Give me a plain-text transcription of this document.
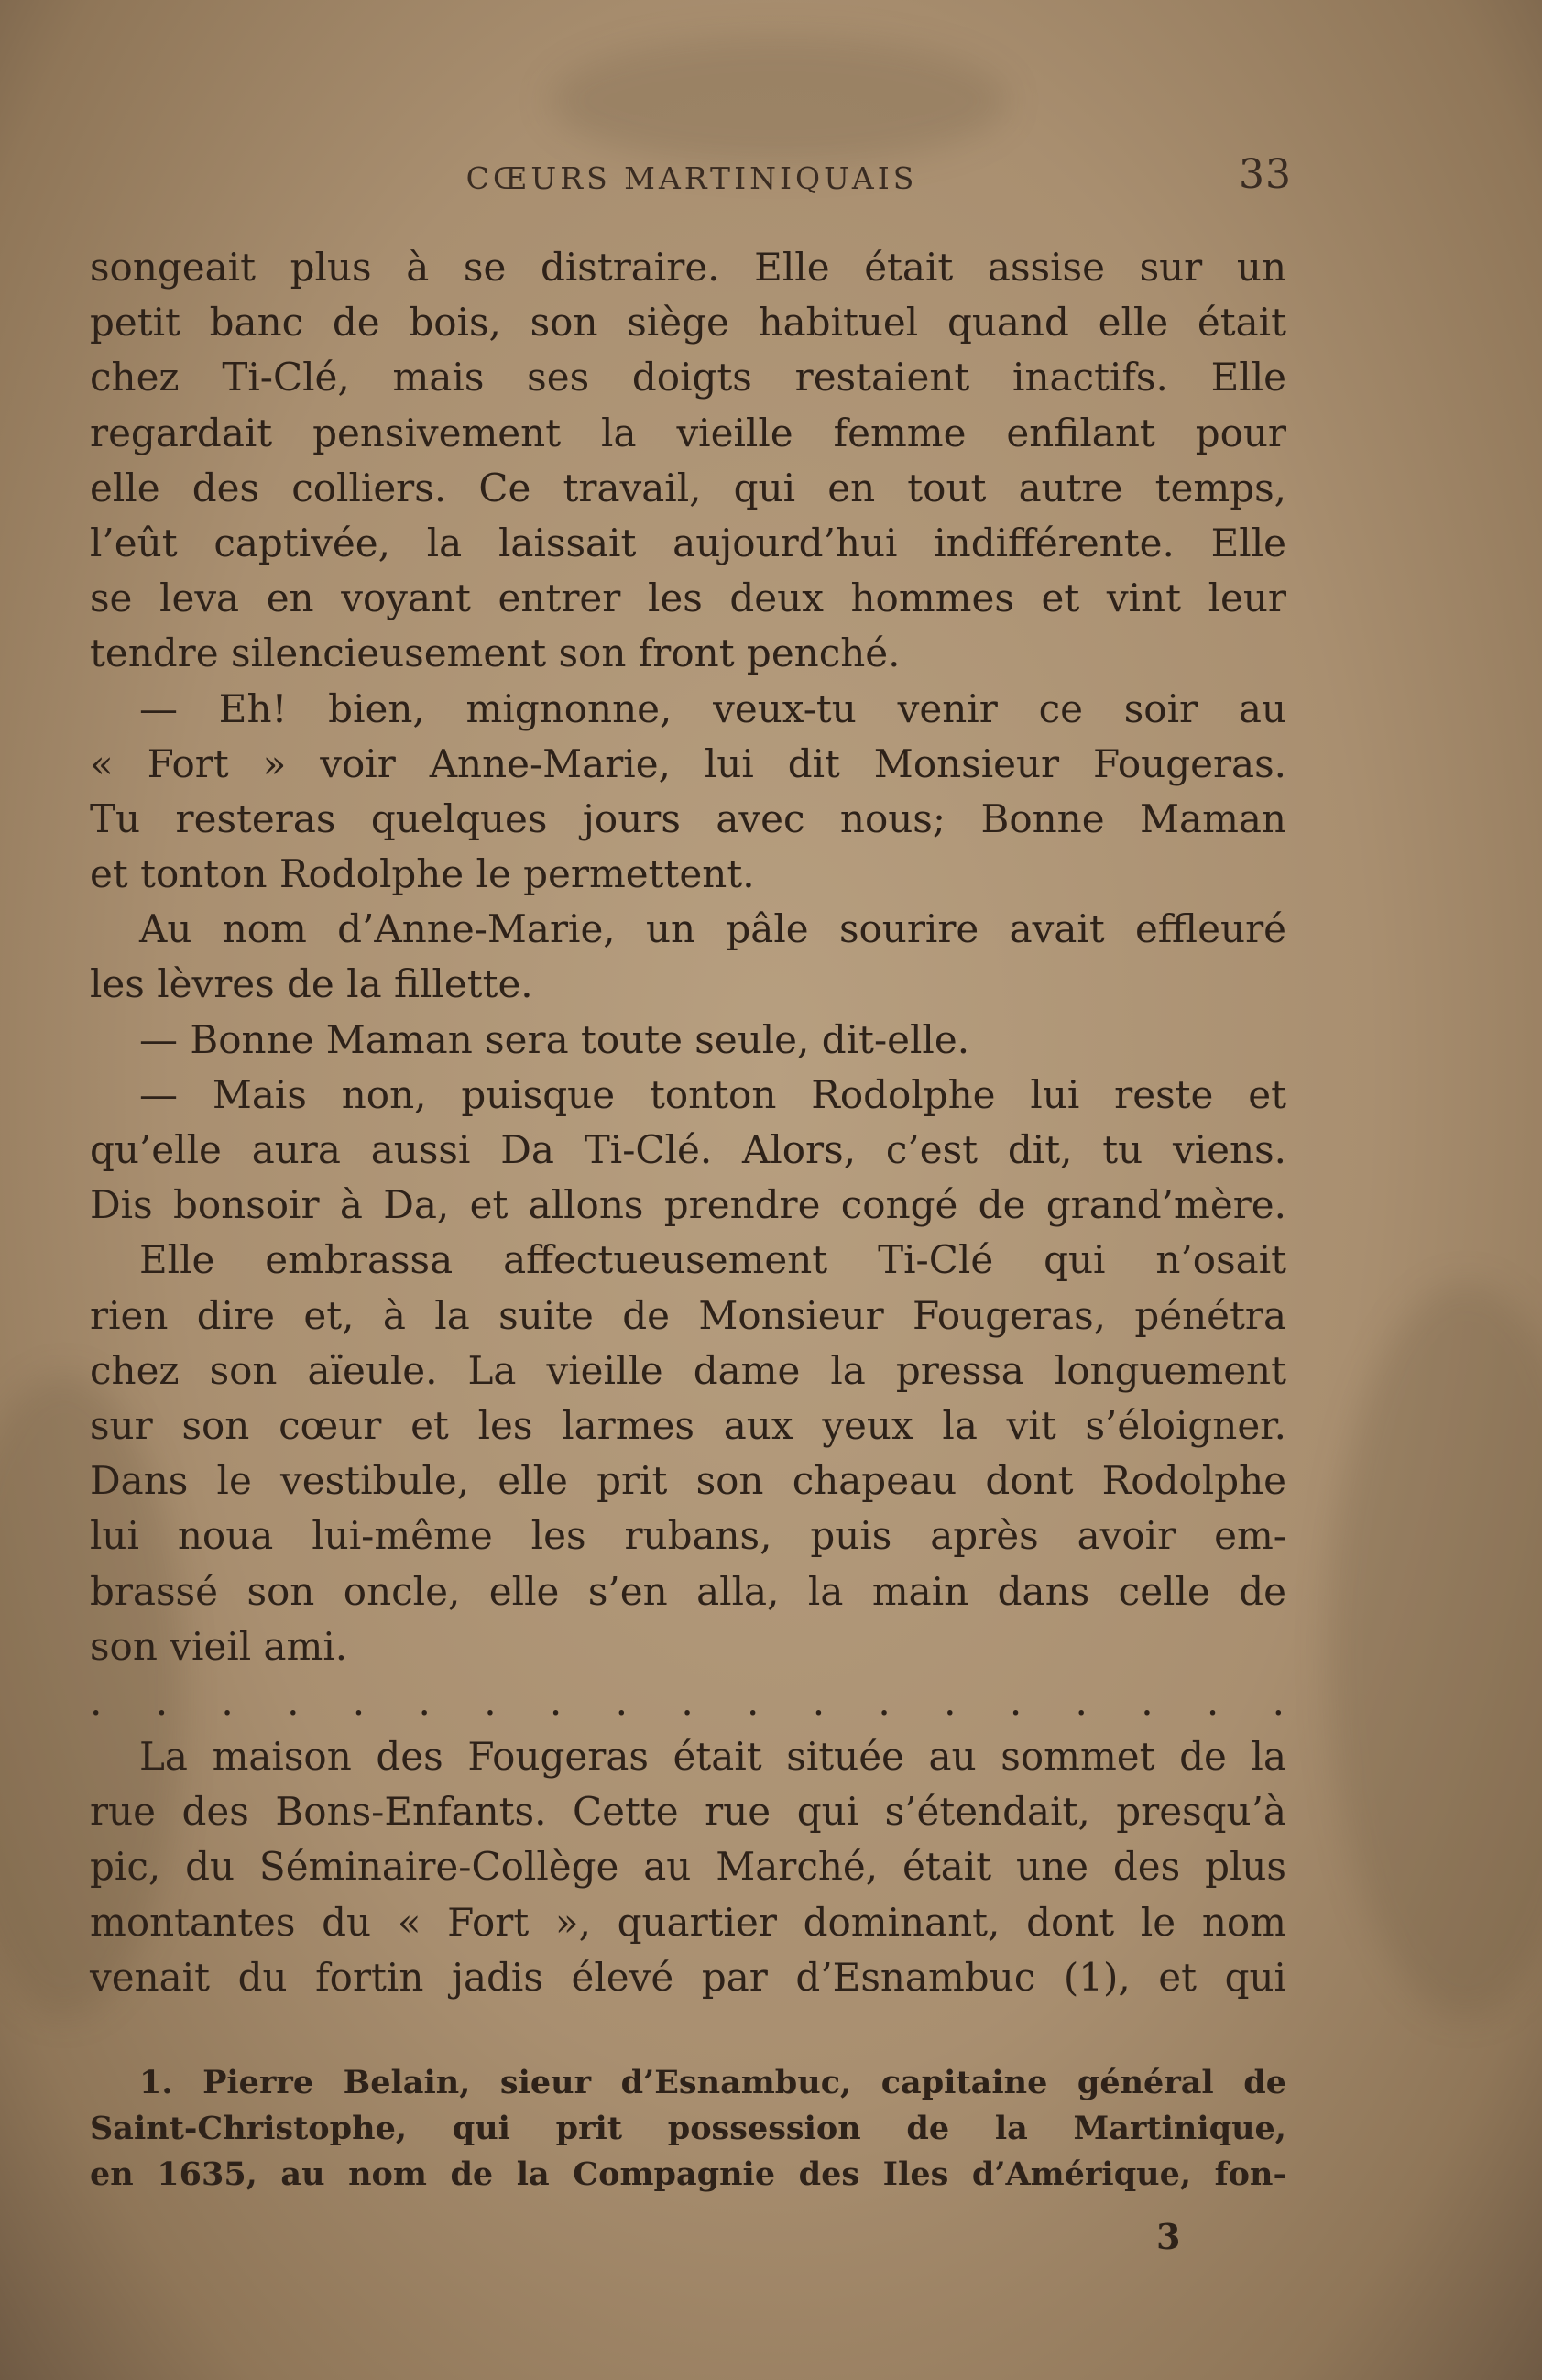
CŒURS MARTINIQUAIS	33
songeait plus à se distraire. Elle était assise sur un
petit banc de bois, son siège habituel quand elle était
chez Ti-Clé, mais ses doigts restaient inactifs. Elle
regardait pensivement la vieille femme enfilant pour
elle des colliers. Ce travail, qui en tout autre temps,
l’eût captivée, la laissait aujourd’hui indifférente. Elle
se leva en voyant entrer les deux hommes et vint leur
tendre silencieusement son front penché.
— Eh! bien, mignonne, veux-tu venir ce soir au
« Fort » voir Anne-Marie, lui dit Monsieur Fougeras.
Tu resteras quelques jours avec nous; Bonne Maman
et tonton Rodolphe le permettent.
Au nom d’Anne-Marie, un pâle sourire avait effleuré
les lèvres de la fillette.
— Bonne Maman sera toute seule, dit-elle.
— Mais non, puisque tonton Rodolphe lui reste et
qu’elle aura aussi Da Ti-Clé. Alors, c’est dit, tu viens.
Dis bonsoir à Da, et allons prendre congé de grand’mère.
Elle embrassa affectueusement Ti-Clé qui n’osait
rien dire et, à la suite de Monsieur Fougeras, pénétra
chez son aïeule. La vieille dame la pressa longuement
sur son cœur et les larmes aux yeux la vit s’éloigner.
Dans le vestibule, elle prit son chapeau dont Rodolphe
lui noua lui-même les rubans, puis après avoir em-
brassé son oncle, elle s’en alla, la main dans celle de
son vieil ami.
. . . . . . . . . . . . . . . . . . .
La maison des Fougeras était située au sommet de la
rue des Bons-Enfants. Cette rue qui s’étendait, presqu’à
pic, du Séminaire-Collège au Marché, était une des plus
montantes du « Fort », quartier dominant, dont le nom
venait du fortin jadis élevé par d’Esnambuc (1), et qui
1. Pierre Belain, sieur d’Esnambuc, capitaine général de
Saint-Christophe, qui prit possession de la Martinique,
en 1635, au nom de la Compagnie des Iles d’Amérique, fon-
3
